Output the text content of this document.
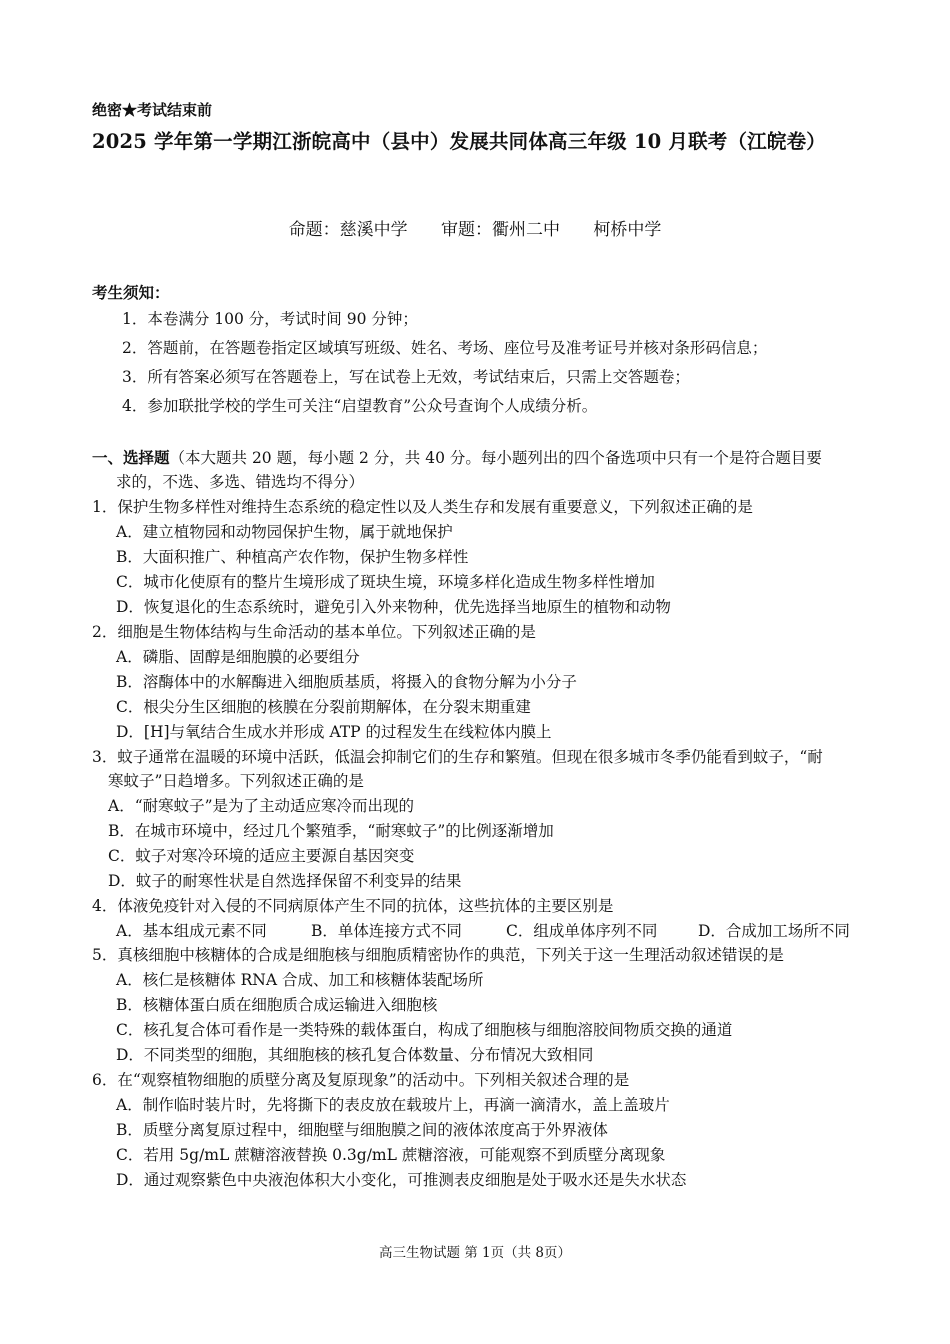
绝密★考试结束前
2025 学年第一学期江浙皖高中（县中）发展共同体高三年级 10 月联考（江皖卷）
命题：慈溪中学 审题：衢州二中 柯桥中学
考生须知：
1．本卷满分 100 分，考试时间 90 分钟；
2．答题前，在答题卷指定区域填写班级、姓名、考场、座位号及准考证号并核对条形码信息；
3．所有答案必须写在答题卷上，写在试卷上无效，考试结束后，只需上交答题卷；
4．参加联批学校的学生可关注“启望教育”公众号查询个人成绩分析。
一、选择题（本大题共 20 题，每小题 2 分，共 40 分。每小题列出的四个备选项中只有一个是符合题目要
求的，不选、多选、错选均不得分）
1．保护生物多样性对维持生态系统的稳定性以及人类生存和发展有重要意义，下列叙述正确的是
A．建立植物园和动物园保护生物，属于就地保护
B．大面积推广、种植高产农作物，保护生物多样性
C．城市化使原有的整片生境形成了斑块生境，环境多样化造成生物多样性增加
D．恢复退化的生态系统时，避免引入外来物种，优先选择当地原生的植物和动物
2．细胞是生物体结构与生命活动的基本单位。下列叙述正确的是
A．磷脂、固醇是细胞膜的必要组分
B．溶酶体中的水解酶进入细胞质基质，将摄入的食物分解为小分子
C．根尖分生区细胞的核膜在分裂前期解体，在分裂末期重建
D．[H]与氧结合生成水并形成 ATP 的过程发生在线粒体内膜上
3．蚊子通常在温暖的环境中活跃，低温会抑制它们的生存和繁殖。但现在很多城市冬季仍能看到蚊子，“耐
寒蚊子”日趋增多。下列叙述正确的是
A．“耐寒蚊子”是为了主动适应寒冷而出现的
B．在城市环境中，经过几个繁殖季，“耐寒蚊子”的比例逐渐增加
C．蚊子对寒冷环境的适应主要源自基因突变
D．蚊子的耐寒性状是自然选择保留不利变异的结果
4．体液免疫针对入侵的不同病原体产生不同的抗体，这些抗体的主要区别是
A．基本组成元素不同	B．单体连接方式不同	C．组成单体序列不同	D．合成加工场所不同
5．真核细胞中核糖体的合成是细胞核与细胞质精密协作的典范，下列关于这一生理活动叙述错误的是
A．核仁是核糖体 RNA 合成、加工和核糖体装配场所
B．核糖体蛋白质在细胞质合成运输进入细胞核
C．核孔复合体可看作是一类特殊的载体蛋白，构成了细胞核与细胞溶胶间物质交换的通道
D．不同类型的细胞，其细胞核的核孔复合体数量、分布情况大致相同
6．在“观察植物细胞的质壁分离及复原现象”的活动中。下列相关叙述合理的是
A．制作临时装片时，先将撕下的表皮放在载玻片上，再滴一滴清水，盖上盖玻片
B．质壁分离复原过程中，细胞壁与细胞膜之间的液体浓度高于外界液体
C．若用 5g/mL 蔗糖溶液替换 0.3g/mL 蔗糖溶液，可能观察不到质壁分离现象
D．通过观察紫色中央液泡体积大小变化，可推测表皮细胞是处于吸水还是失水状态
高三生物试题 第 1页（共 8页）
